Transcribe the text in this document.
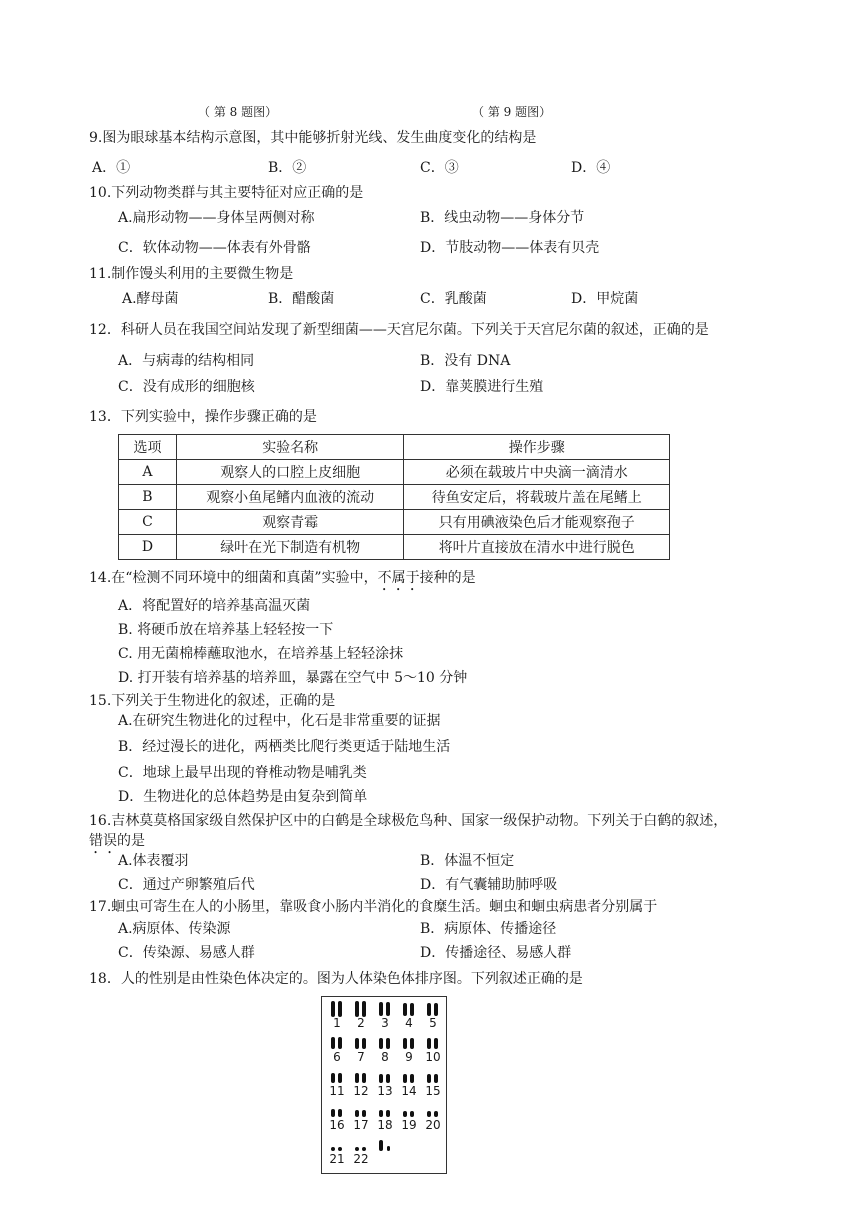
（ 第 8 题图）	（ 第 9 题图）
9.图为眼球基本结构示意图，其中能够折射光线、发生曲度变化的结构是
A．①	B．②	C．③	D．④
10.下列动物类群与其主要特征对应正确的是
A.扁形动物——身体呈两侧对称	B．线虫动物——身体分节
C．软体动物——体表有外骨骼	D．节肢动物——体表有贝壳
11.制作馒头利用的主要微生物是
A.酵母菌	B．醋酸菌	C．乳酸菌	D．甲烷菌
12．科研人员在我国空间站发现了新型细菌——天宫尼尔菌。下列关于天宫尼尔菌的叙述，正确的是
A．与病毒的结构相同	B．没有 DNA
C．没有成形的细胞核	D．靠荚膜进行生殖
13．下列实验中，操作步骤正确的是
选项	实验名称	操作步骤
A	观察人的口腔上皮细胞	必须在载玻片中央滴一滴清水
B	观察小鱼尾鳍内血液的流动	待鱼安定后，将载玻片盖在尾鳍上
C	观察青霉	只有用碘液染色后才能观察孢子
D	绿叶在光下制造有机物	将叶片直接放在清水中进行脱色
14.在“检测不同环境中的细菌和真菌”实验中，不属于接种的是
A．将配置好的培养基高温灭菌
B. 将硬币放在培养基上轻轻按一下
C. 用无菌棉棒蘸取池水，在培养基上轻轻涂抹
D. 打开装有培养基的培养皿，暴露在空气中 5～10 分钟
15.下列关于生物进化的叙述，正确的是
A.在研究生物进化的过程中，化石是非常重要的证据
B．经过漫长的进化，两栖类比爬行类更适于陆地生活
C．地球上最早出现的脊椎动物是哺乳类
D．生物进化的总体趋势是由复杂到简单
16.吉林莫莫格国家级自然保护区中的白鹤是全球极危鸟种、国家一级保护动物。下列关于白鹤的叙述，
错误的是
A.体表覆羽	B．体温不恒定
C．通过产卵繁殖后代	D．有气囊辅助肺呼吸
17.蛔虫可寄生在人的小肠里，靠吸食小肠内半消化的食糜生活。蛔虫和蛔虫病患者分别属于
A.病原体、传染源	B．病原体、传播途径
C．传染源、易感人群	D．传播途径、易感人群
18．人的性别是由性染色体决定的。图为人体染色体排序图。下列叙述正确的是
1	2	3	4	5
6	7	8	9	10
11 12 13 14 15
16 17 18 19 20
21 22
